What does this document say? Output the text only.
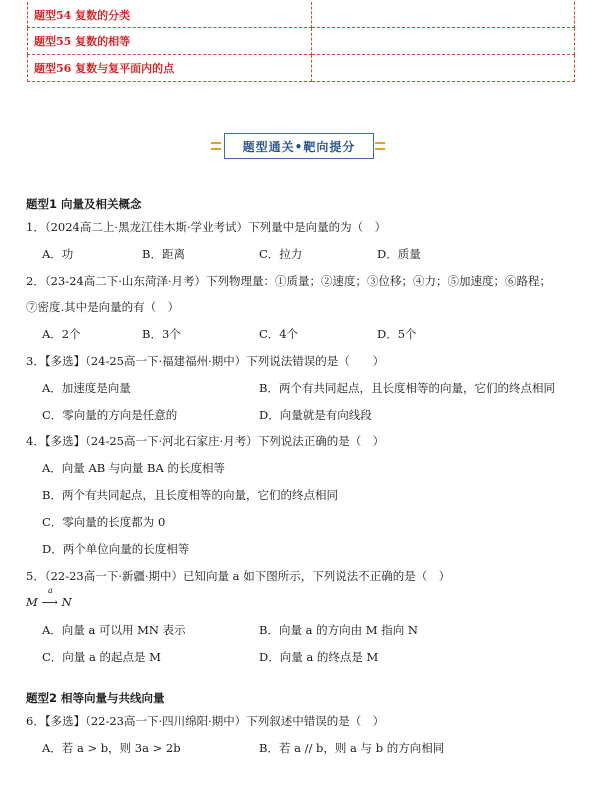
题型54 复数的分类	
题型55 复数的相等	
题型56 复数与复平面内的点	
题型通关•靶向提分
题型1 向量及相关概念
1．（2024高二上·黑龙江佳木斯·学业考试）下列量中是向量的为（　）
A．功	B．距离	C．拉力	D．质量
2．（23-24高二下·山东菏泽·月考）下列物理量：①质量；②速度；③位移；④力；⑤加速度；⑥路程；
⑦密度.其中是向量的有（　）
A．2个	B．3个	C．4个	D．5个
3．【多选】（24-25高一下·福建福州·期中）下列说法错误的是（　　）
A．加速度是向量	B．两个有共同起点，且长度相等的向量，它们的终点相同
C．零向量的方向是任意的	D．向量就是有向线段
4．【多选】（24-25高一下·河北石家庄·月考）下列说法正确的是（　）
A．向量 AB 与向量 BA 的长度相等
B．两个有共同起点，且长度相等的向量，它们的终点相同
C．零向量的长度都为 0
D．两个单位向量的长度相等
5．（22-23高一下·新疆·期中）已知向量 a 如下图所示，下列说法不正确的是（　）
M ⟶ N
a
A．向量 a 可以用 MN 表示	B．向量 a 的方向由 M 指向 N
C．向量 a 的起点是 M	D．向量 a 的终点是 M
题型2 相等向量与共线向量
6．【多选】（22-23高一下·四川绵阳·期中）下列叙述中错误的是（　）
A．若 a > b，则 3a > 2b	B．若 a // b，则 a 与 b 的方向相同
